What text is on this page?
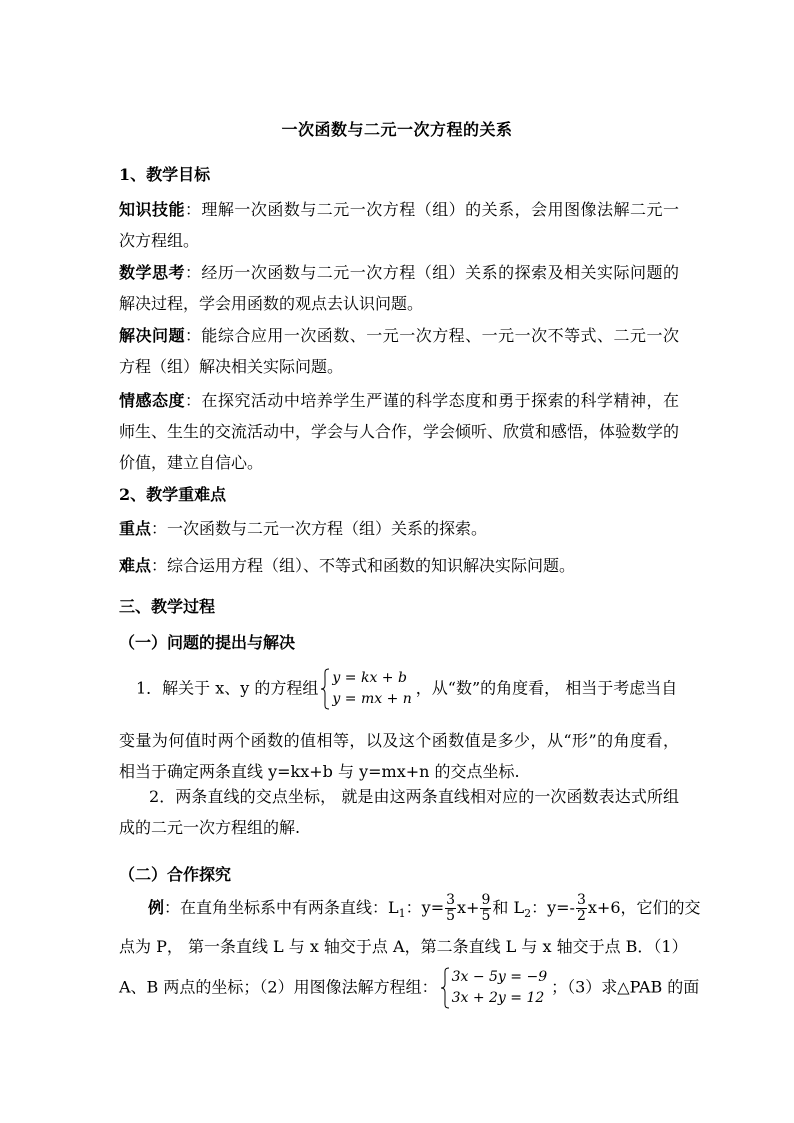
一次函数与二元一次方程的关系
1、教学目标
知识技能：理解一次函数与二元一次方程（组）的关系，会用图像法解二元一次方程组。
数学思考：经历一次函数与二元一次方程（组）关系的探索及相关实际问题的解决过程，学会用函数的观点去认识问题。
解决问题：能综合应用一次函数、一元一次方程、一元一次不等式、二元一次方程（组）解决相关实际问题。
情感态度：在探究活动中培养学生严谨的科学态度和勇于探索的科学精神，在师生、生生的交流活动中，学会与人合作，学会倾听、欣赏和感悟，体验数学的价值，建立自信心。
2、教学重难点
重点：一次函数与二元一次方程（组）关系的探索。
难点：综合运用方程（组）、不等式和函数的知识解决实际问题。
三、教学过程
（一）问题的提出与解决
1．解关于 x、y 的方程组
y = kx + b
y = mx + n
，从“数”的角度看， 相当于考虑当自
变量为何值时两个函数的值相等，以及这个函数值是多少，从“形”的角度看，相当于确定两条直线 y=kx+b 与 y=mx+n 的交点坐标.
2．两条直线的交点坐标， 就是由这两条直线相对应的一次函数表达式所组成的二元一次方程组的解.
（二）合作探究
例：在直角坐标系中有两条直线：$L_1$：$y= \frac{3}{5} x+ \frac{9}{5}$ 和 $L_2$：$y=- \frac{3}{2} x+6$，它们的交
点为 P， 第一条直线 L 与 x 轴交于点 A，第二条直线 L 与 x 轴交于点 B．（1）
A、B 两点的坐标；（2）用图像法解方程组：
3x − 5y = −9
3x + 2y = 12
；（3）求△PAB 的面
